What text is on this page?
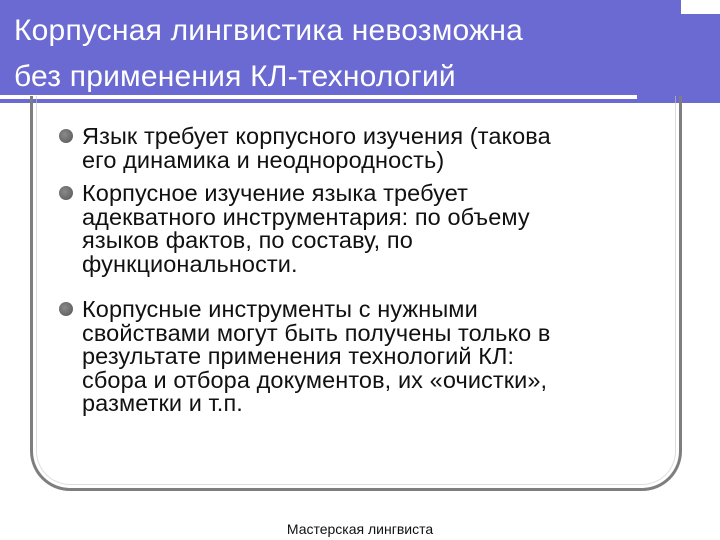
Корпусная лингвистика невозможна
без применения КЛ-технологий
Язык требует корпусного изучения (такова
его динамика и неоднородность)
Корпусное изучение языка требует
адекватного инструментария: по объему
языков фактов, по составу, по
функциональности.
Корпусные инструменты с нужными
свойствами могут быть получены только в
результате применения технологий КЛ:
сбора и отбора документов, их «очистки»,
разметки и т.п.
Мастерская лингвиста
